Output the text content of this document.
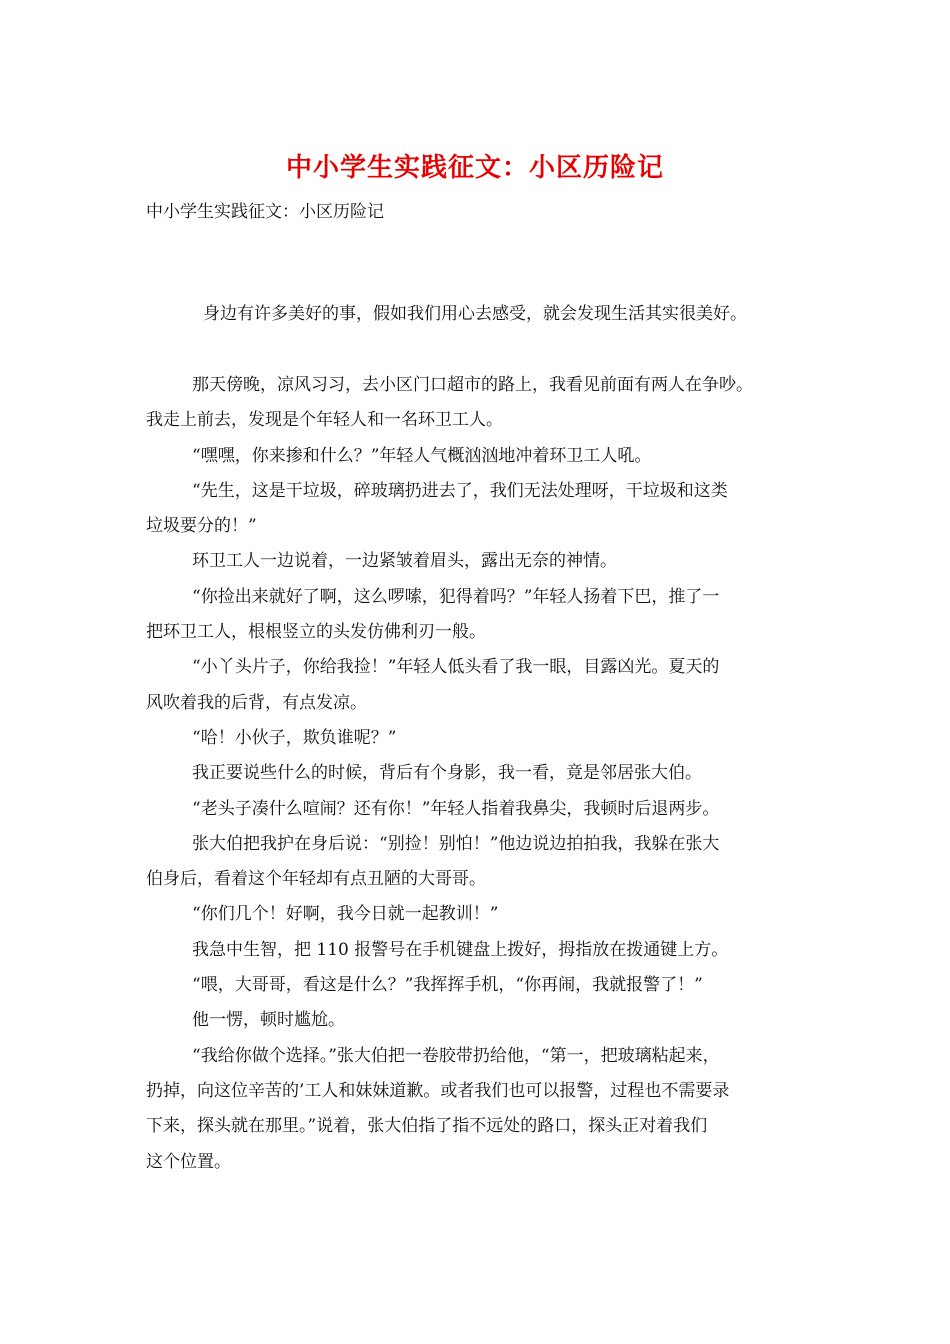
中小学生实践征文：小区历险记
中小学生实践征文：小区历险记
身边有许多美好的事，假如我们用心去感受，就会发现生活其实很美好。
那天傍晚，凉风习习，去小区门口超市的路上，我看见前面有两人在争吵。
我走上前去，发现是个年轻人和一名环卫工人。
“嘿嘿，你来掺和什么？”年轻人气概汹汹地冲着环卫工人吼。
“先生，这是干垃圾，碎玻璃扔进去了，我们无法处理呀，干垃圾和这类
垃圾要分的！”
环卫工人一边说着，一边紧皱着眉头，露出无奈的神情。
“你捡出来就好了啊，这么啰嗦，犯得着吗？”年轻人扬着下巴，推了一
把环卫工人，根根竖立的头发仿佛利刃一般。
“小丫头片子，你给我捡！”年轻人低头看了我一眼，目露凶光。夏天的
风吹着我的后背，有点发凉。
“哈！小伙子，欺负谁呢？”
我正要说些什么的时候，背后有个身影，我一看，竟是邻居张大伯。
“老头子凑什么喧闹？还有你！”年轻人指着我鼻尖，我顿时后退两步。
张大伯把我护在身后说：“别捡！别怕！”他边说边拍拍我，我躲在张大
伯身后，看着这个年轻却有点丑陋的大哥哥。
“你们几个！好啊，我今日就一起教训！”
我急中生智，把 110 报警号在手机键盘上拨好，拇指放在拨通键上方。
“喂，大哥哥，看这是什么？”我挥挥手机，“你再闹，我就报警了！”
他一愣，顿时尴尬。
“我给你做个选择。”张大伯把一卷胶带扔给他，“第一，把玻璃粘起来，
扔掉，向这位辛苦的’工人和妹妹道歉。或者我们也可以报警，过程也不需要录
下来，探头就在那里。”说着，张大伯指了指不远处的路口，探头正对着我们
这个位置。
